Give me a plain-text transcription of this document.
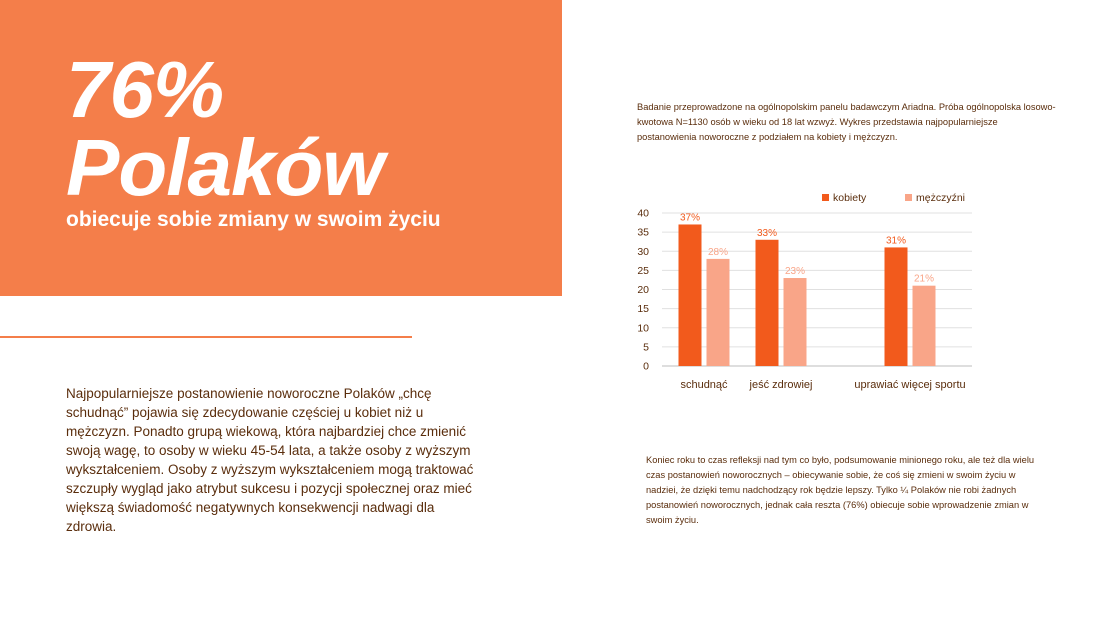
76%
Polaków

obiecuje sobie zmiany w swoim życiu

Najpopularniejsze postanowienie noworoczne Polaków „chcę schudnąć” pojawia się zdecydowanie częściej u kobiet niż u mężczyzn. Ponadto grupą wiekową, która najbardziej chce zmienić swoją wagę, to osoby w wieku 45-54 lata, a także osoby z wyższym wykształceniem. Osoby z wyższym wykształceniem mogą traktować szczupły wygląd jako atrybut sukcesu i pozycji społecznej oraz mieć większą świadomość negatywnych konsekwencji nadwagi dla zdrowia.

Badanie przeprowadzone na ogólnopolskim panelu badawczym Ariadna. Próba ogólnopolska losowo-kwotowa N=1130 osób w wieku od 18 lat wzwyż. Wykres przedstawia najpopularniejsze postanowienia noworoczne z podziałem na kobiety i mężczyzn.

0
5
10
15
20
25
30
35
40	37%
33%
31%
28%
23%
21%
schudnąć jeść zdrowiej	uprawiać więcej sportu
kobiety	mężczyźni

Koniec roku to czas refleksji nad tym co było, podsumowanie minionego roku, ale też dla wielu czas postanowień noworocznych – obiecywanie sobie, że coś się zmieni w swoim życiu w nadziei, że dzięki temu nadchodzący rok będzie lepszy. Tylko ¼ Polaków nie robi żadnych postanowień noworocznych, jednak cała reszta (76%) obiecuje sobie wprowadzenie zmian w swoim życiu.
